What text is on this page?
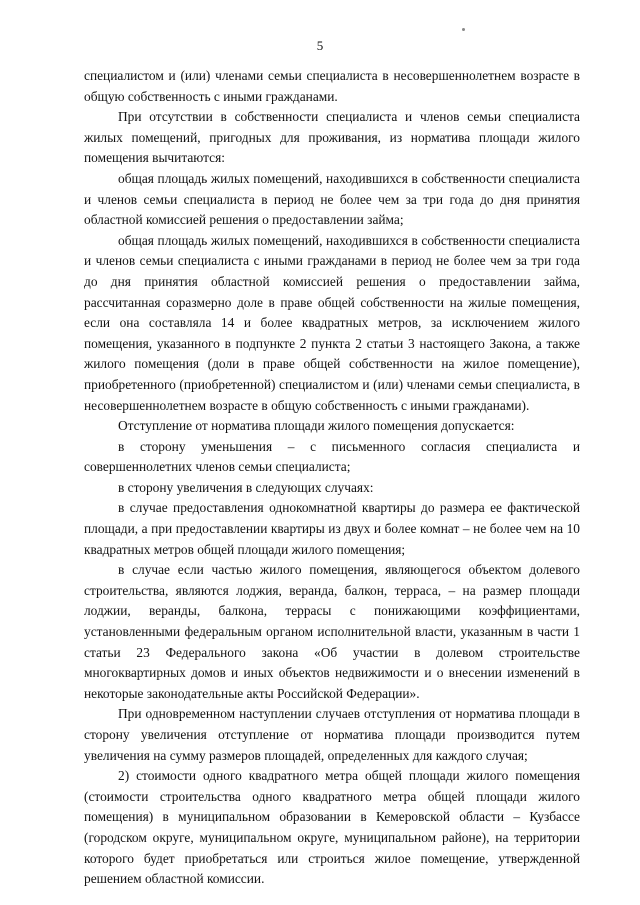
5

специалистом и (или) членами семьи специалиста в несовершеннолетнем возрасте в общую собственность с иными гражданами.

При отсутствии в собственности специалиста и членов семьи специалиста жилых помещений, пригодных для проживания, из норматива площади жилого помещения вычитаются:

общая площадь жилых помещений, находившихся в собственности специалиста и членов семьи специалиста в период не более чем за три года до дня принятия областной комиссией решения о предоставлении займа;

общая площадь жилых помещений, находившихся в собственности специалиста и членов семьи специалиста с иными гражданами в период не более чем за три года до дня принятия областной комиссией решения о предоставлении займа, рассчитанная соразмерно доле в праве общей собственности на жилые помещения, если она составляла 14 и более квадратных метров, за исключением жилого помещения, указанного в подпункте 2 пункта 2 статьи 3 настоящего Закона, а также жилого помещения (доли в праве общей собственности на жилое помещение), приобретенного (приобретенной) специалистом и (или) членами семьи специалиста, в несовершеннолетнем возрасте в общую собственность с иными гражданами).

Отступление от норматива площади жилого помещения допускается:

в сторону уменьшения – с письменного согласия специалиста и совершеннолетних членов семьи специалиста;

в сторону увеличения в следующих случаях:

в случае предоставления однокомнатной квартиры до размера ее фактической площади, а при предоставлении квартиры из двух и более комнат – не более чем на 10 квадратных метров общей площади жилого помещения;

в случае если частью жилого помещения, являющегося объектом долевого строительства, являются лоджия, веранда, балкон, терраса, – на размер площади лоджии, веранды, балкона, террасы с понижающими коэффициентами, установленными федеральным органом исполнительной власти, указанным в части 1 статьи 23 Федерального закона «Об участии в долевом строительстве многоквартирных домов и иных объектов недвижимости и о внесении изменений в некоторые законодательные акты Российской Федерации».

При одновременном наступлении случаев отступления от норматива площади в сторону увеличения отступление от норматива площади производится путем увеличения на сумму размеров площадей, определенных для каждого случая;

2) стоимости одного квадратного метра общей площади жилого помещения (стоимости строительства одного квадратного метра общей площади жилого помещения) в муниципальном образовании в Кемеровской области – Кузбассе (городском округе, муниципальном округе, муниципальном районе), на территории которого будет приобретаться или строиться жилое помещение, утвержденной решением областной комиссии.
